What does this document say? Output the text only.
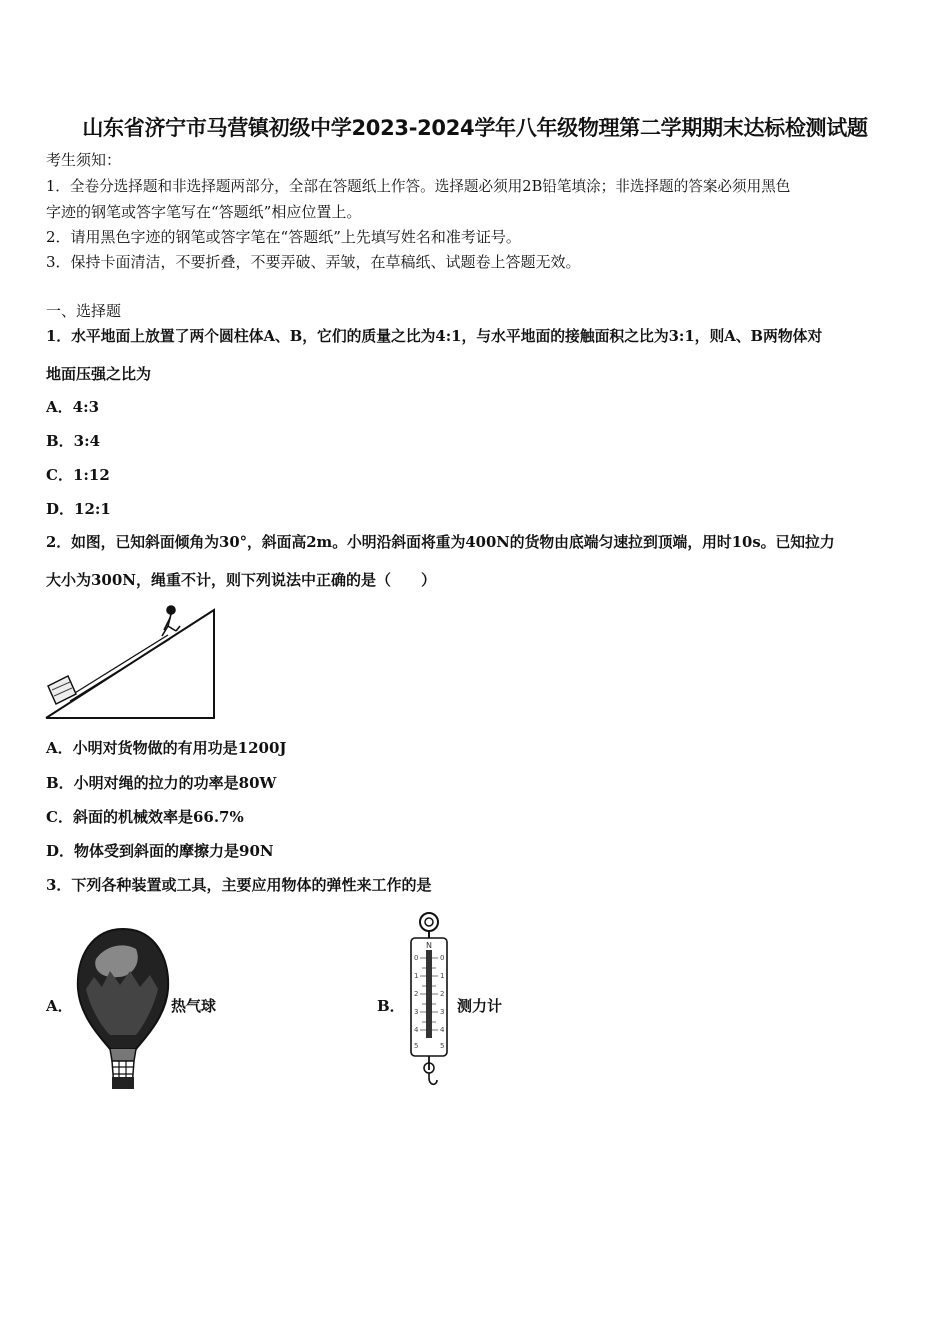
山东省济宁市马营镇初级中学2023-2024学年八年级物理第二学期期末达标检测试题
考生须知：
1．全卷分选择题和非选择题两部分，全部在答题纸上作答。选择题必须用2B铅笔填涂；非选择题的答案必须用黑色
字迹的钢笔或答字笔写在“答题纸”相应位置上。
2．请用黑色字迹的钢笔或答字笔在“答题纸”上先填写姓名和准考证号。
3．保持卡面清洁，不要折叠，不要弄破、弄皱，在草稿纸、试题卷上答题无效。
一、选择题
1．水平地面上放置了两个圆柱体A、B，它们的质量之比为4:1，与水平地面的接触面积之比为3:1，则A、B两物体对
地面压强之比为
A．4:3
B．3:4
C．1:12
D．12:1
2．如图，已知斜面倾角为30°，斜面高2m。小明沿斜面将重为400N的货物由底端匀速拉到顶端，用时10s。已知拉力
大小为300N，绳重不计，则下列说法中正确的是（　　）
A．小明对货物做的有用功是1200J
B．小明对绳的拉力的功率是80W
C．斜面的机械效率是66.7%
D．物体受到斜面的摩擦力是90N
3．下列各种装置或工具，主要应用物体的弹性来工作的是
A．	热气球	B．
N
0
1
2
3
4
5
0
1
2
3
4
5
测力计
